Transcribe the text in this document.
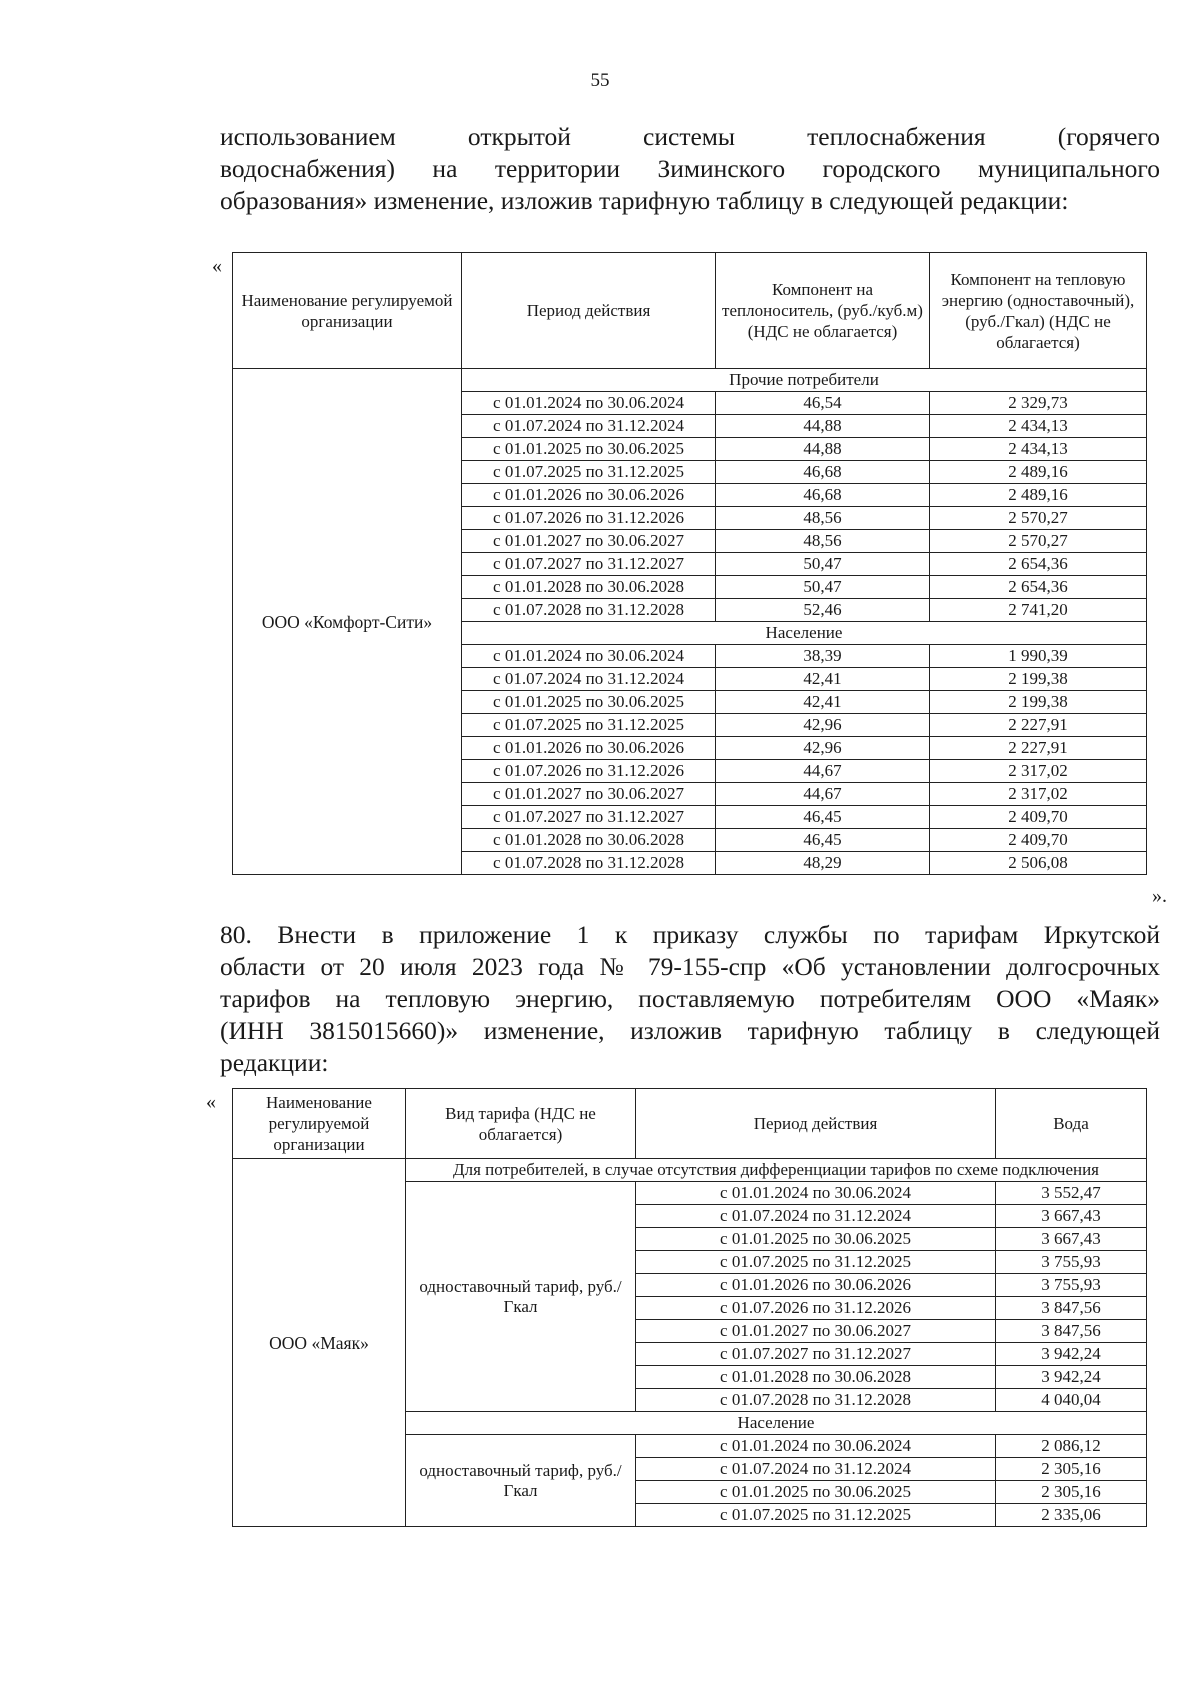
55
использованием открытой системы теплоснабжения (горячего
водоснабжения) на территории Зиминского городского муниципального
образования» изменение, изложив тарифную таблицу в следующей редакции:
«
Наименование регулируемой организации	Период действия	Компонент на теплоноситель, (руб./куб.м) (НДС не облагается)	Компонент на тепловую энергию (одноставочный), (руб./Гкал) (НДС не облагается)
ООО «Комфорт-Сити»	Прочие потребители		
	с 01.01.2024 по 30.06.2024	46,54	2 329,73
	с 01.07.2024 по 31.12.2024	44,88	2 434,13
	с 01.01.2025 по 30.06.2025	44,88	2 434,13
	с 01.07.2025 по 31.12.2025	46,68	2 489,16
	с 01.01.2026 по 30.06.2026	46,68	2 489,16
	с 01.07.2026 по 31.12.2026	48,56	2 570,27
	с 01.01.2027 по 30.06.2027	48,56	2 570,27
	с 01.07.2027 по 31.12.2027	50,47	2 654,36
	с 01.01.2028 по 30.06.2028	50,47	2 654,36
	с 01.07.2028 по 31.12.2028	52,46	2 741,20
	Население		
	с 01.01.2024 по 30.06.2024	38,39	1 990,39
	с 01.07.2024 по 31.12.2024	42,41	2 199,38
	с 01.01.2025 по 30.06.2025	42,41	2 199,38
	с 01.07.2025 по 31.12.2025	42,96	2 227,91
	с 01.01.2026 по 30.06.2026	42,96	2 227,91
	с 01.07.2026 по 31.12.2026	44,67	2 317,02
	с 01.01.2027 по 30.06.2027	44,67	2 317,02
	с 01.07.2027 по 31.12.2027	46,45	2 409,70
	с 01.01.2028 по 30.06.2028	46,45	2 409,70
	с 01.07.2028 по 31.12.2028	48,29	2 506,08
».
80. Внести в приложение 1 к приказу службы по тарифам Иркутской
области от 20 июля 2023 года № 79-155-спр «Об установлении долгосрочных
тарифов на тепловую энергию, поставляемую потребителям ООО «Маяк»
(ИНН 3815015660)» изменение, изложив тарифную таблицу в следующей
редакции:
«	Наименование регулируемой организации	Вид тарифа (НДС не облагается)	Период действия	Вода
ООО «Маяк»	Для потребителей, в случае отсутствия дифференциации тарифов по схеме подключения		
	одноставочный тариф, руб./Гкал	с 01.01.2024 по 30.06.2024	3 552,47
		с 01.07.2024 по 31.12.2024	3 667,43
		с 01.01.2025 по 30.06.2025	3 667,43
		с 01.07.2025 по 31.12.2025	3 755,93
		с 01.01.2026 по 30.06.2026	3 755,93
		с 01.07.2026 по 31.12.2026	3 847,56
		с 01.01.2027 по 30.06.2027	3 847,56
		с 01.07.2027 по 31.12.2027	3 942,24
		с 01.01.2028 по 30.06.2028	3 942,24
		с 01.07.2028 по 31.12.2028	4 040,04
	Население		
	одноставочный тариф, руб./Гкал	с 01.01.2024 по 30.06.2024	2 086,12
		с 01.07.2024 по 31.12.2024	2 305,16
		с 01.01.2025 по 30.06.2025	2 305,16
		с 01.07.2025 по 31.12.2025	2 335,06
